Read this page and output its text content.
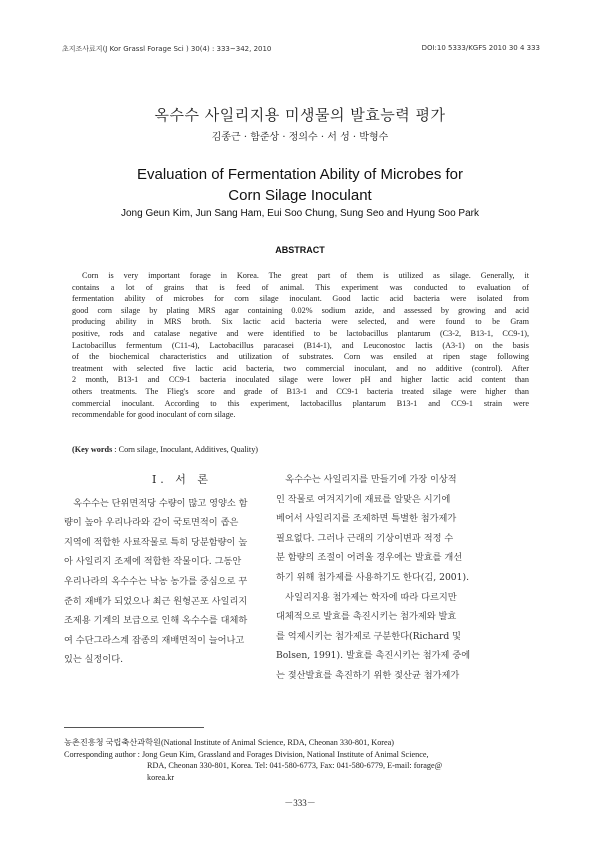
초지조사료지(J Kor Grassl Forage Sci ) 30(4) : 333~342, 2010	DOI:10 5333/KGFS 2010 30 4 333
옥수수 사일리지용 미생물의 발효능력 평가
김종근 · 함준상 · 정의수 · 서 성 · 박형수
Evaluation of Fermentation Ability of Microbes for
Corn Silage Inoculant
Jong Geun Kim, Jun Sang Ham, Eui Soo Chung, Sung Seo and Hyung Soo Park
ABSTRACT
Corn is very important forage in Korea. The great part of them is utilized as silage. Generally, it
contains a lot of grains that is feed of animal. This experiment was conducted to evaluation of
fermentation ability of microbes for corn silage inoculant. Good lactic acid bacteria were isolated from
good corn silage by plating MRS agar containing 0.02% sodium azide, and assessed by growing and acid
producing ability in MRS broth. Six lactic acid bacteria were selected, and were found to be Gram
positive, rods and catalase negative and were identified to be lactobacillus plantarum (C3-2, B13-1, CC9-1),
Lactobacillus fermentum (C11-4), Lactobacillus paracasei (B14-1), and Leuconostoc lactis (A3-1) on the basis
of the biochemical characteristics and utilization of substrates. Corn was ensiled at ripen stage following
treatment with selected five lactic acid bacteria, two commercial inoculant, and no additive (control). After
2 month, B13-1 and CC9-1 bacteria inoculated silage were lower pH and higher lactic acid content than
others treatments. The Flieg's score and grade of B13-1 and CC9-1 bacteria treated silage were higher than
commercial inoculant. According to this experiment, lactobacillus plantarum B13-1 and CC9-1 strain were
recommendable for good inoculant of corn silage.
(Key words : Corn silage, Inoculant, Additives, Quality)
Ⅰ. 서 론
　옥수수는 단위면적당 수량이 많고 영양소 함
량이 높아 우리나라와 같이 국토면적이 좁은
지역에 적합한 사료작물로 특히 당분함량이 높
아 사일리지 조제에 적합한 작물이다. 그동안
우리나라의 옥수수는 낙농 농가를 중심으로 꾸
준히 재배가 되었으나 최근 원형곤포 사일리지
조제용 기계의 보급으로 인해 옥수수를 대체하
여 수단그라스계 잡종의 재배면적이 늘어나고
있는 실정이다.
　옥수수는 사일리지를 만들기에 가장 이상적
인 작물로 여겨지기에 재료를 알맞은 시기에
베어서 사일리지를 조제하면 특별한 첨가제가
필요없다. 그러나 근래의 기상이변과 적정 수
분 함량의 조절이 어려울 경우에는 발효를 개선
하기 위해 첨가제를 사용하기도 한다(김, 2001).
　사일리지용 첨가제는 학자에 따라 다르지만
대체적으로 발효를 촉진시키는 첨가제와 발효
를 억제시키는 첨가제로 구분한다(Richard 및
Bolsen, 1991). 발효를 촉진시키는 첨가제 중에
는 젖산발효를 촉진하기 위한 젖산균 첨가제가
농촌진흥청 국립축산과학원(National Institute of Animal Science, RDA, Cheonan 330-801, Korea)
Corresponding author : Jong Geun Kim, Grassland and Forages Division, National Institute of Animal Science,
RDA, Cheonan 330-801, Korea. Tel: 041-580-6773, Fax: 041-580-6779, E-mail: forage@
korea.kr
－333－
